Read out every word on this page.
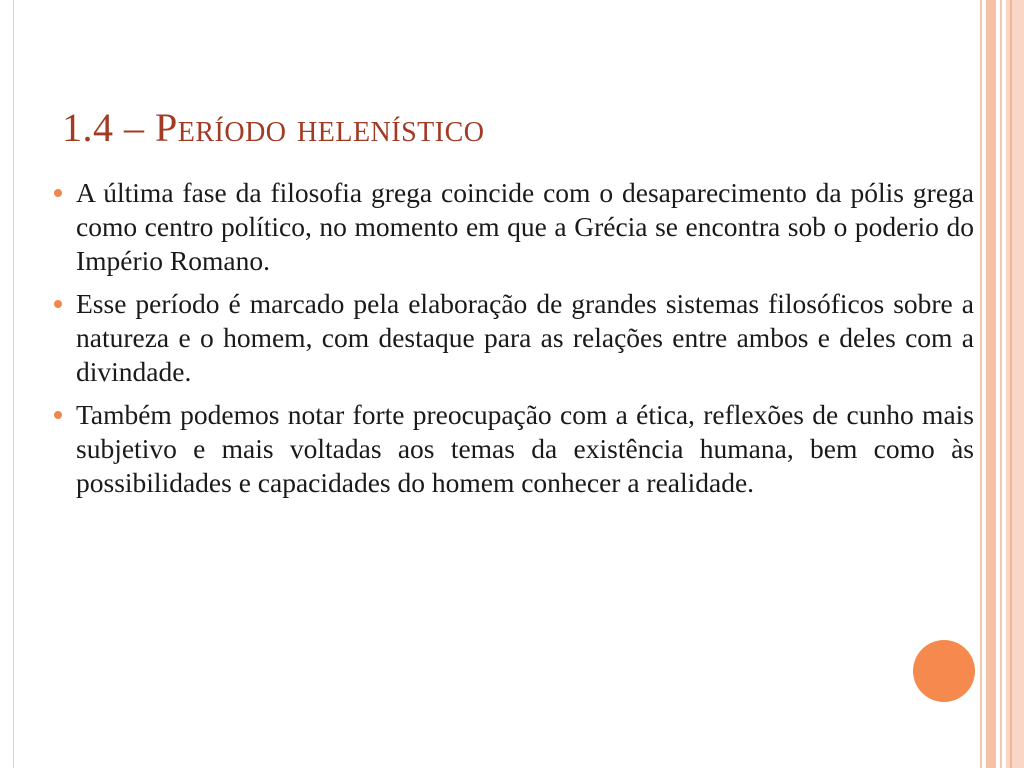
1.4 – Período helenístico
A última fase da filosofia grega coincide com o desaparecimento da pólis grega como centro político, no momento em que a Grécia se encontra sob o poderio do Império Romano.
Esse período é marcado pela elaboração de grandes sistemas filosóficos sobre a natureza e o homem, com destaque para as relações entre ambos e deles com a divindade.
Também podemos notar forte preocupação com a ética, reflexões de cunho mais subjetivo e mais voltadas aos temas da existência humana, bem como às possibilidades e capacidades do homem conhecer a realidade.
